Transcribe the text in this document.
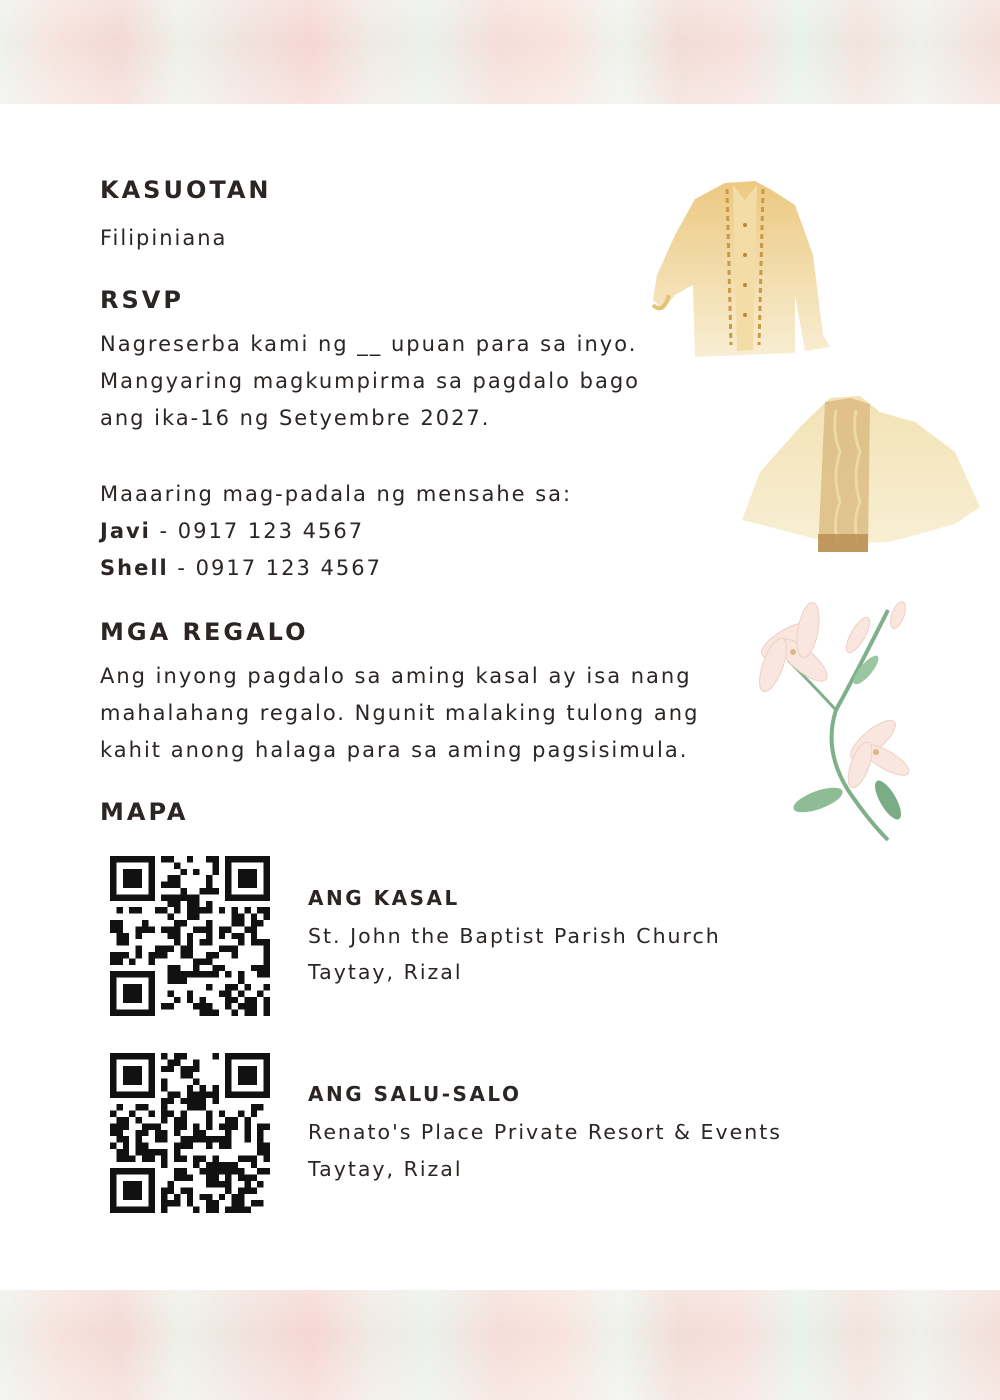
KASUOTAN

Filipiniana

RSVP

Nagreserba kami ng __ upuan para sa inyo.
Mangyaring magkumpirma sa pagdalo bago
ang ika-16 ng Setyembre 2027.

Maaaring mag-padala ng mensahe sa:
Javi - 0917 123 4567
Shell - 0917 123 4567

MGA REGALO

Ang inyong pagdalo sa aming kasal ay isa nang
mahalahang regalo. Ngunit malaking tulong ang
kahit anong halaga para sa aming pagsisimula.

MAPA
ANG KASAL

St. John the Baptist Parish Church

Taytay, Rizal

ANG SALU-SALO

Renato's Place Private Resort & Events

Taytay, Rizal
